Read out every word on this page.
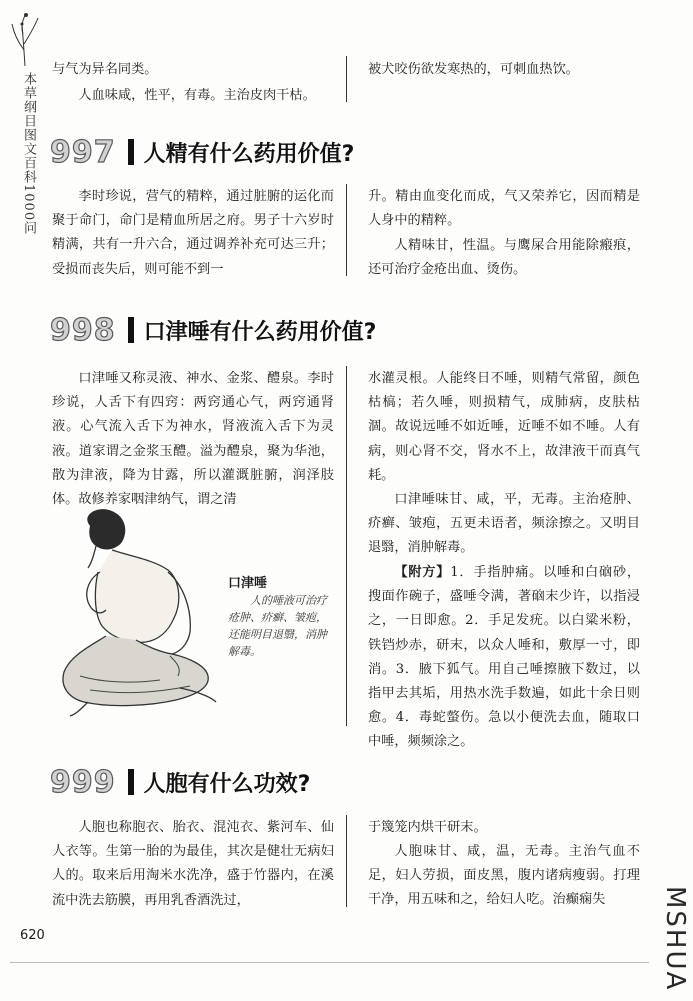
本草纲目图文百科1000问

与气为异名同类。

人血味咸，性平，有毒。主治皮肉干枯。

被犬咬伤欲发寒热的，可刺血热饮。

997 人精有什么药用价值?

李时珍说，营气的精粹，通过脏腑的运化而聚于命门，命门是精血所居之府。男子十六岁时精满，共有一升六合，通过调养补充可达三升；受损而丧失后，则可能不到一

升。精由血变化而成，气又荣养它，因而精是人身中的精粹。

人精味甘，性温。与鹰屎合用能除瘢痕，还可治疗金疮出血、烫伤。

998 口津唾有什么药用价值?

口津唾又称灵液、神水、金浆、醴泉。李时珍说，人舌下有四窍：两窍通心气，两窍通肾液。心气流入舌下为神水，肾液流入舌下为灵液。道家谓之金浆玉醴。溢为醴泉，聚为华池，散为津液，降为甘露，所以灌溉脏腑，润泽肢体。故修养家咽津纳气，谓之清

口津唾
人的唾液可治疗疮肿、疥癣、皱疱，还能明目退翳，消肿解毒。

水灌灵根。人能终日不唾，则精气常留，颜色枯槁；若久唾，则损精气，成肺病，皮肤枯涸。故说远唾不如近唾，近唾不如不唾。人有病，则心肾不交，肾水不上，故津液干而真气耗。

口津唾味甘、咸，平，无毒。主治疮肿、疥癣、皱疱，五更未语者，频涂擦之。又明目退翳，消肿解毒。

【附方】1．手指肿痛。以唾和白硇砂，搜面作碗子，盛唾令满，著硇末少许，以指浸之，一日即愈。2．手足发疣。以白粱米粉，铁铛炒赤，研末，以众人唾和，敷厚一寸，即消。3．腋下狐气。用自己唾擦腋下数过，以指甲去其垢，用热水洗手数遍，如此十余日则愈。4．毒蛇螫伤。急以小便洗去血，随取口中唾，频频涂之。

999 人胞有什么功效?

人胞也称胞衣、胎衣、混沌衣、紫河车、仙人衣等。生第一胎的为最佳，其次是健壮无病妇人的。取来后用淘米水洗净，盛于竹器内，在溪流中洗去筋膜，再用乳香酒洗过，

于篾笼内烘干研末。

人胞味甘、咸，温，无毒。主治气血不足，妇人劳损，面皮黑，腹内诸病瘦弱。打理干净，用五味和之，给妇人吃。治癫痫失

620	MSHUA
